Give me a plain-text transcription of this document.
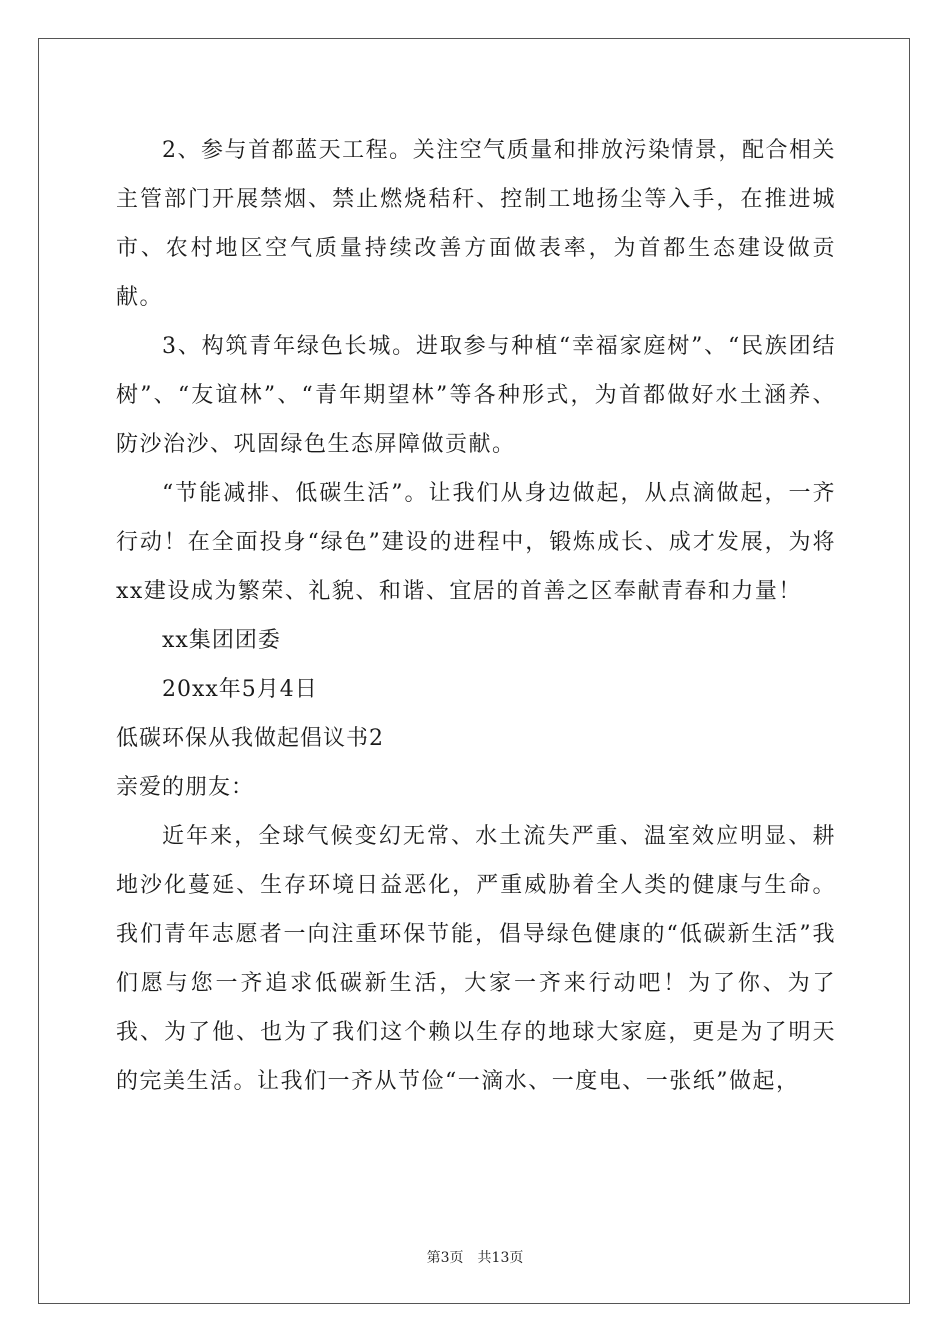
2、参与首都蓝天工程。关注空气质量和排放污染情景，配合相关主管部门开展禁烟、禁止燃烧秸秆、控制工地扬尘等入手，在推进城市、农村地区空气质量持续改善方面做表率，为首都生态建设做贡献。

3、构筑青年绿色长城。进取参与种植“幸福家庭树”、“民族团结树”、“友谊林”、“青年期望林”等各种形式，为首都做好水土涵养、防沙治沙、巩固绿色生态屏障做贡献。

“节能减排、低碳生活”。让我们从身边做起，从点滴做起，一齐行动！在全面投身“绿色”建设的进程中，锻炼成长、成才发展，为将xx建设成为繁荣、礼貌、和谐、宜居的首善之区奉献青春和力量！

xx集团团委

20xx年5月4日

低碳环保从我做起倡议书2

亲爱的朋友：

近年来，全球气候变幻无常、水土流失严重、温室效应明显、耕地沙化蔓延、生存环境日益恶化，严重威胁着全人类的健康与生命。我们青年志愿者一向注重环保节能，倡导绿色健康的“低碳新生活”我们愿与您一齐追求低碳新生活，大家一齐来行动吧！为了你、为了我、为了他、也为了我们这个赖以生存的地球大家庭，更是为了明天的完美生活。让我们一齐从节俭“一滴水、一度电、一张纸”做起，

第3页　共13页
